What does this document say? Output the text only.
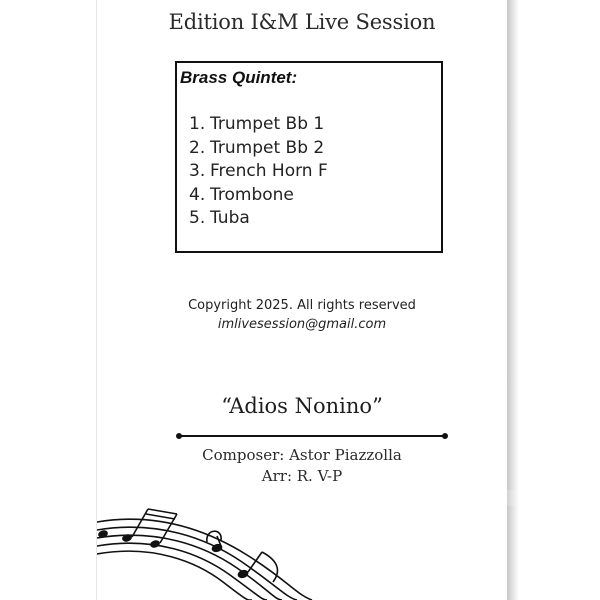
Edition I&M Live Session
Brass Quintet:
1. Trumpet Bb 1
2. Trumpet Bb 2
3. French Horn F
4. Trombone
5. Tuba
Copyright 2025. All rights reserved
imlivesession@gmail.com
“Adios Nonino”
Composer: Astor Piazzolla
Arr: R. V-P
